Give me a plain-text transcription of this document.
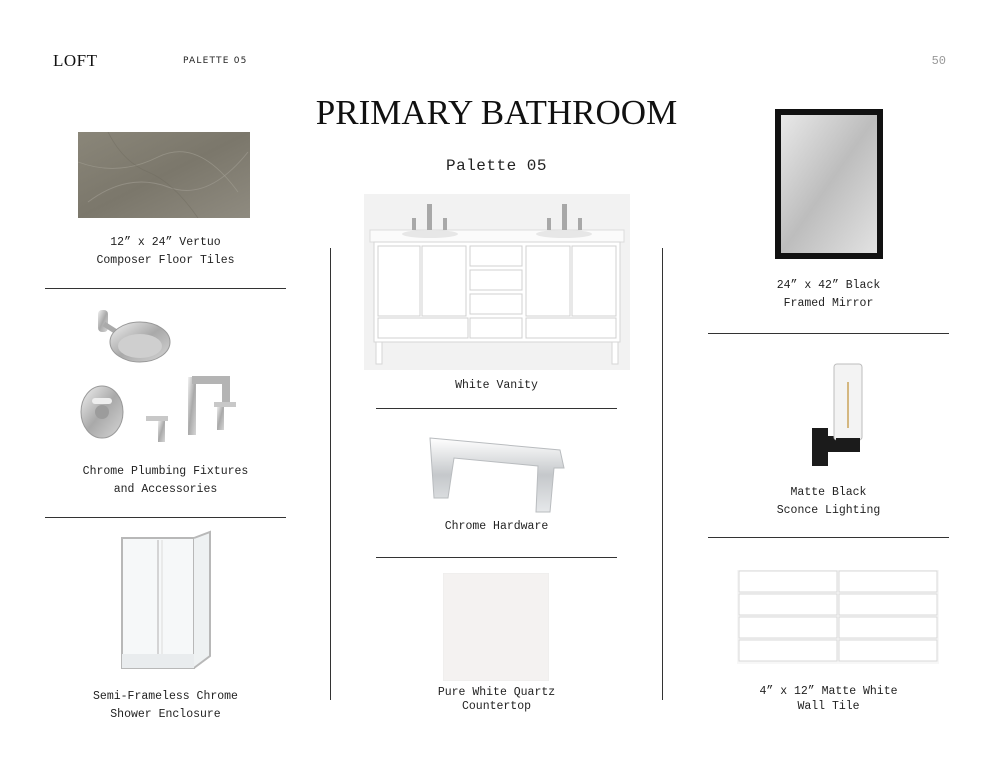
LOFT	PALETTE 05	50
PRIMARY BATHROOM
Palette 05
12” x 24” Vertuo
Composer Floor Tiles
Chrome Plumbing Fixtures
and Accessories
Semi-Frameless Chrome
Shower Enclosure
White Vanity
Chrome Hardware
Pure White Quartz
Countertop
24” x 42” Black
Framed Mirror
Matte Black
Sconce Lighting
4” x 12” Matte White
Wall Tile
